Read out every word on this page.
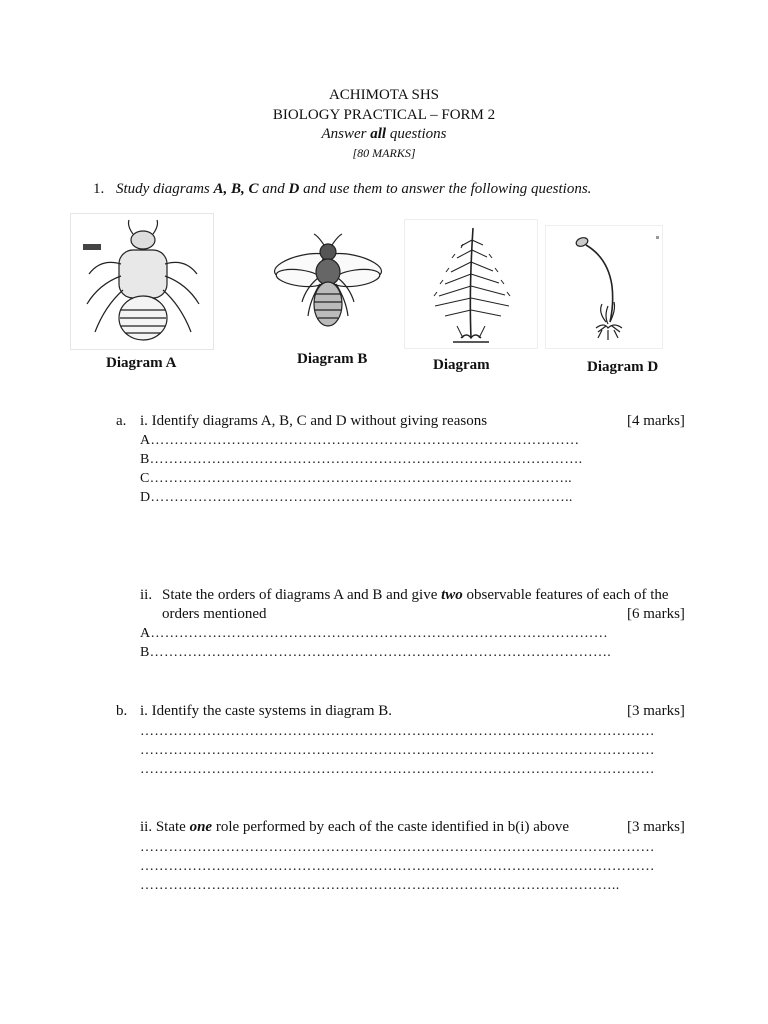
ACHIMOTA SHS
BIOLOGY PRACTICAL – FORM 2
Answer all questions
[80 MARKS]
1. Study diagrams A, B, C and D and use them to answer the following questions.
Diagram A	Diagram B	Diagram	Diagram D
a. i. Identify diagrams A, B, C and D without giving reasons	[4 marks]
A………………………………………………………………………………
B……………………………………………………………………………….
C……………………………………………………………………………..
D……………………………………………………………………………..
ii. State the orders of diagrams A and B and give two observable features of each of the
orders mentioned	[6 marks]
A……………………………………………………………………………………
B…………………………………………………………………………………….
b. i. Identify the caste systems in diagram B.	[3 marks]
………………………………………………………………………………………………
………………………………………………………………………………………………
………………………………………………………………………………………………
ii. State one role performed by each of the caste identified in b(i) above	[3 marks]
………………………………………………………………………………………………
………………………………………………………………………………………………
………………………………………………………………………………………..
